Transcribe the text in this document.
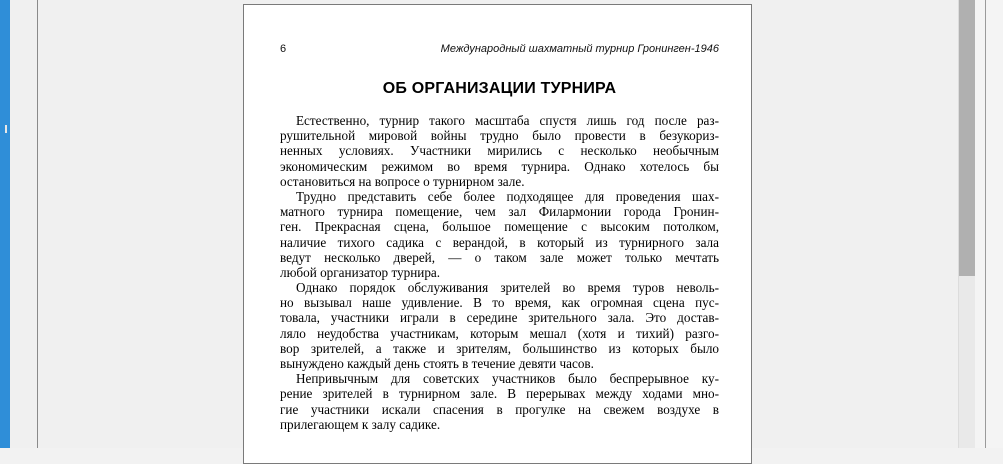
6	Международный шахматный турнир Гронинген-1946
ОБ ОРГАНИЗАЦИИ ТУРНИРА
Естественно, турнир такого масштаба спустя лишь год после раз-
рушительной мировой войны трудно было провести в безукориз-
ненных условиях. Участники мирились с несколько необычным
экономическим режимом во время турнира. Однако хотелось бы
остановиться на вопросе о турнирном зале.
Трудно представить себе более подходящее для проведения шах-
матного турнира помещение, чем зал Филармонии города Гронин-
ген. Прекрасная сцена, большое помещение с высоким потолком,
наличие тихого садика с верандой, в который из турнирного зала
ведут несколько дверей, — о таком зале может только мечтать
любой организатор турнира.
Однако порядок обслуживания зрителей во время туров неволь-
но вызывал наше удивление. В то время, как огромная сцена пус-
товала, участники играли в середине зрительного зала. Это достав-
ляло неудобства участникам, которым мешал (хотя и тихий) разго-
вор зрителей, а также и зрителям, большинство из которых было
вынуждено каждый день стоять в течение девяти часов.
Непривычным для советских участников было беспрерывное ку-
рение зрителей в турнирном зале. В перерывах между ходами мно-
гие участники искали спасения в прогулке на свежем воздухе в
прилегающем к залу садике.
